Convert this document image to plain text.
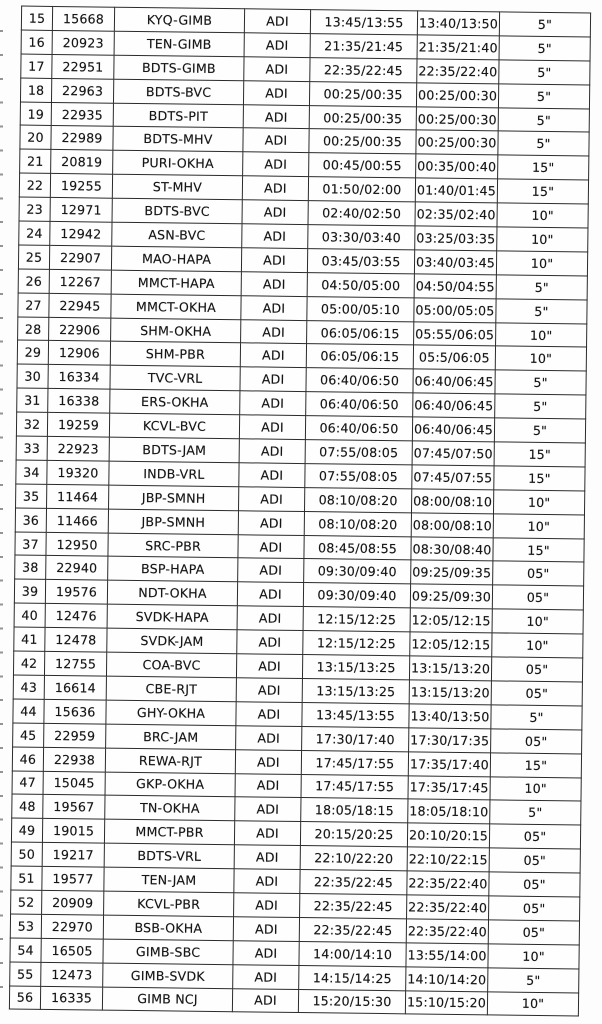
15	15668	KYQ-GIMB	ADI	13:45/13:55	13:40/13:50	5"
16	20923	TEN-GIMB	ADI	21:35/21:45	21:35/21:40	5"
17	22951	BDTS-GIMB	ADI	22:35/22:45	22:35/22:40	5"
18	22963	BDTS-BVC	ADI	00:25/00:35	00:25/00:30	5"
19	22935	BDTS-PIT	ADI	00:25/00:35	00:25/00:30	5"
20	22989	BDTS-MHV	ADI	00:25/00:35	00:25/00:30	5"
21	20819	PURI-OKHA	ADI	00:45/00:55	00:35/00:40	15"
22	19255	ST-MHV	ADI	01:50/02:00	01:40/01:45	15"
23	12971	BDTS-BVC	ADI	02:40/02:50	02:35/02:40	10"
24	12942	ASN-BVC	ADI	03:30/03:40	03:25/03:35	10"
25	22907	MAO-HAPA	ADI	03:45/03:55	03:40/03:45	10"
26	12267	MMCT-HAPA	ADI	04:50/05:00	04:50/04:55	5"
27	22945	MMCT-OKHA	ADI	05:00/05:10	05:00/05:05	5"
28	22906	SHM-OKHA	ADI	06:05/06:15	05:55/06:05	10"
29	12906	SHM-PBR	ADI	06:05/06:15	05:5/06:05	10"
30	16334	TVC-VRL	ADI	06:40/06:50	06:40/06:45	5"
31	16338	ERS-OKHA	ADI	06:40/06:50	06:40/06:45	5"
32	19259	KCVL-BVC	ADI	06:40/06:50	06:40/06:45	5"
33	22923	BDTS-JAM	ADI	07:55/08:05	07:45/07:50	15"
34	19320	INDB-VRL	ADI	07:55/08:05	07:45/07:55	15"
35	11464	JBP-SMNH	ADI	08:10/08:20	08:00/08:10	10"
36	11466	JBP-SMNH	ADI	08:10/08:20	08:00/08:10	10"
37	12950	SRC-PBR	ADI	08:45/08:55	08:30/08:40	15"
38	22940	BSP-HAPA	ADI	09:30/09:40	09:25/09:35	05"
39	19576	NDT-OKHA	ADI	09:30/09:40	09:25/09:30	05"
40	12476	SVDK-HAPA	ADI	12:15/12:25	12:05/12:15	10"
41	12478	SVDK-JAM	ADI	12:15/12:25	12:05/12:15	10"
42	12755	COA-BVC	ADI	13:15/13:25	13:15/13:20	05"
43	16614	CBE-RJT	ADI	13:15/13:25	13:15/13:20	05"
44	15636	GHY-OKHA	ADI	13:45/13:55	13:40/13:50	5"
45	22959	BRC-JAM	ADI	17:30/17:40	17:30/17:35	05"
46	22938	REWA-RJT	ADI	17:45/17:55	17:35/17:40	15"
47	15045	GKP-OKHA	ADI	17:45/17:55	17:35/17:45	10"
48	19567	TN-OKHA	ADI	18:05/18:15	18:05/18:10	5"
49	19015	MMCT-PBR	ADI	20:15/20:25	20:10/20:15	05"
50	19217	BDTS-VRL	ADI	22:10/22:20	22:10/22:15	05"
51	19577	TEN-JAM	ADI	22:35/22:45	22:35/22:40	05"
52	20909	KCVL-PBR	ADI	22:35/22:45	22:35/22:40	05"
53	22970	BSB-OKHA	ADI	22:35/22:45	22:35/22:40	05"
54	16505	GIMB-SBC	ADI	14:00/14:10	13:55/14:00	10"
55	12473	GIMB-SVDK	ADI	14:15/14:25	14:10/14:20	5"
56	16335	GIMB NCJ	ADI	15:20/15:30	15:10/15:20	10"
